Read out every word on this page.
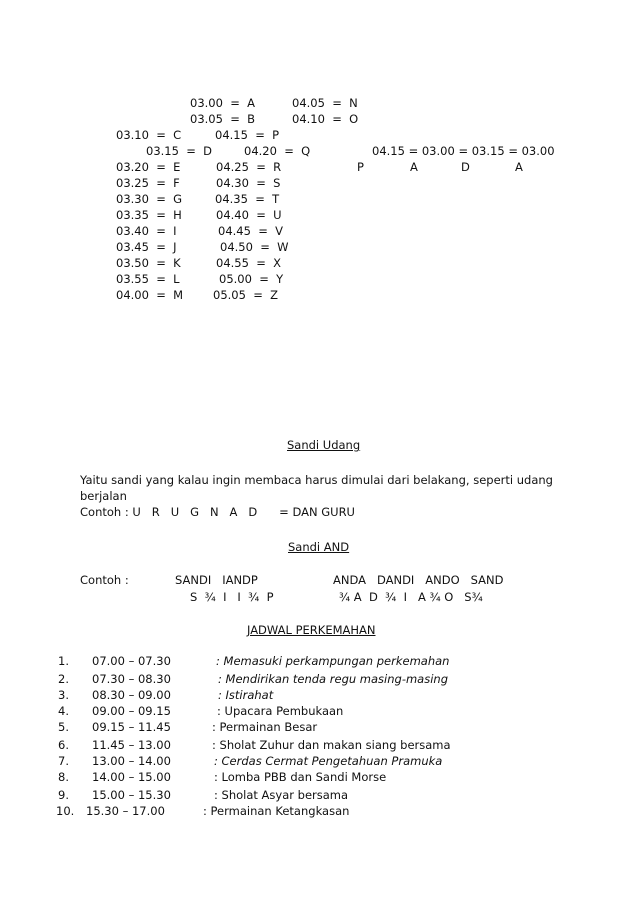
03.00  =  A	04.05  =  N
03.05  =  B	04.10  =  O
03.10  =  C	04.15  =  P
03.15  =  D	04.20  =  Q	04.15 = 03.00 = 03.15 = 03.00
03.20  =  E	04.25  =  R	P	A	D	A
03.25  =  F	04.30  =  S
03.30  =  G	04.35  =  T
03.35  =  H	04.40  =  U
03.40  =  I	04.45  =  V
03.45  =  J	04.50  =  W
03.50  =  K	04.55  =  X
03.55  =  L	05.00  =  Y
04.00  =  M	05.05  =  Z
Sandi Udang
Yaitu sandi yang kalau ingin membaca harus dimulai dari belakang, seperti udang
berjalan
Contoh : U   R   U   G   N   A   D      = DAN GURU
Sandi AND
Contoh :	SANDI   IANDP	ANDA   DANDI   ANDO   SAND
S  ¾  I   I  ¾  P	¾ A  D  ¾  I   A ¾ O   S¾
JADWAL PERKEMAHAN
1. 07.00 – 07.30	: Memasuki perkampungan perkemahan
2. 07.30 – 08.30	: Mendirikan tenda regu masing-masing
3. 08.30 – 09.00	: Istirahat
4. 09.00 – 09.15	: Upacara Pembukaan
5. 09.15 – 11.45	: Permainan Besar
6. 11.45 – 13.00	: Sholat Zuhur dan makan siang bersama
7. 13.00 – 14.00	: Cerdas Cermat Pengetahuan Pramuka
8. 14.00 – 15.00	: Lomba PBB dan Sandi Morse
9. 15.00 – 15.30	: Sholat Asyar bersama
10. 15.30 – 17.00	: Permainan Ketangkasan
